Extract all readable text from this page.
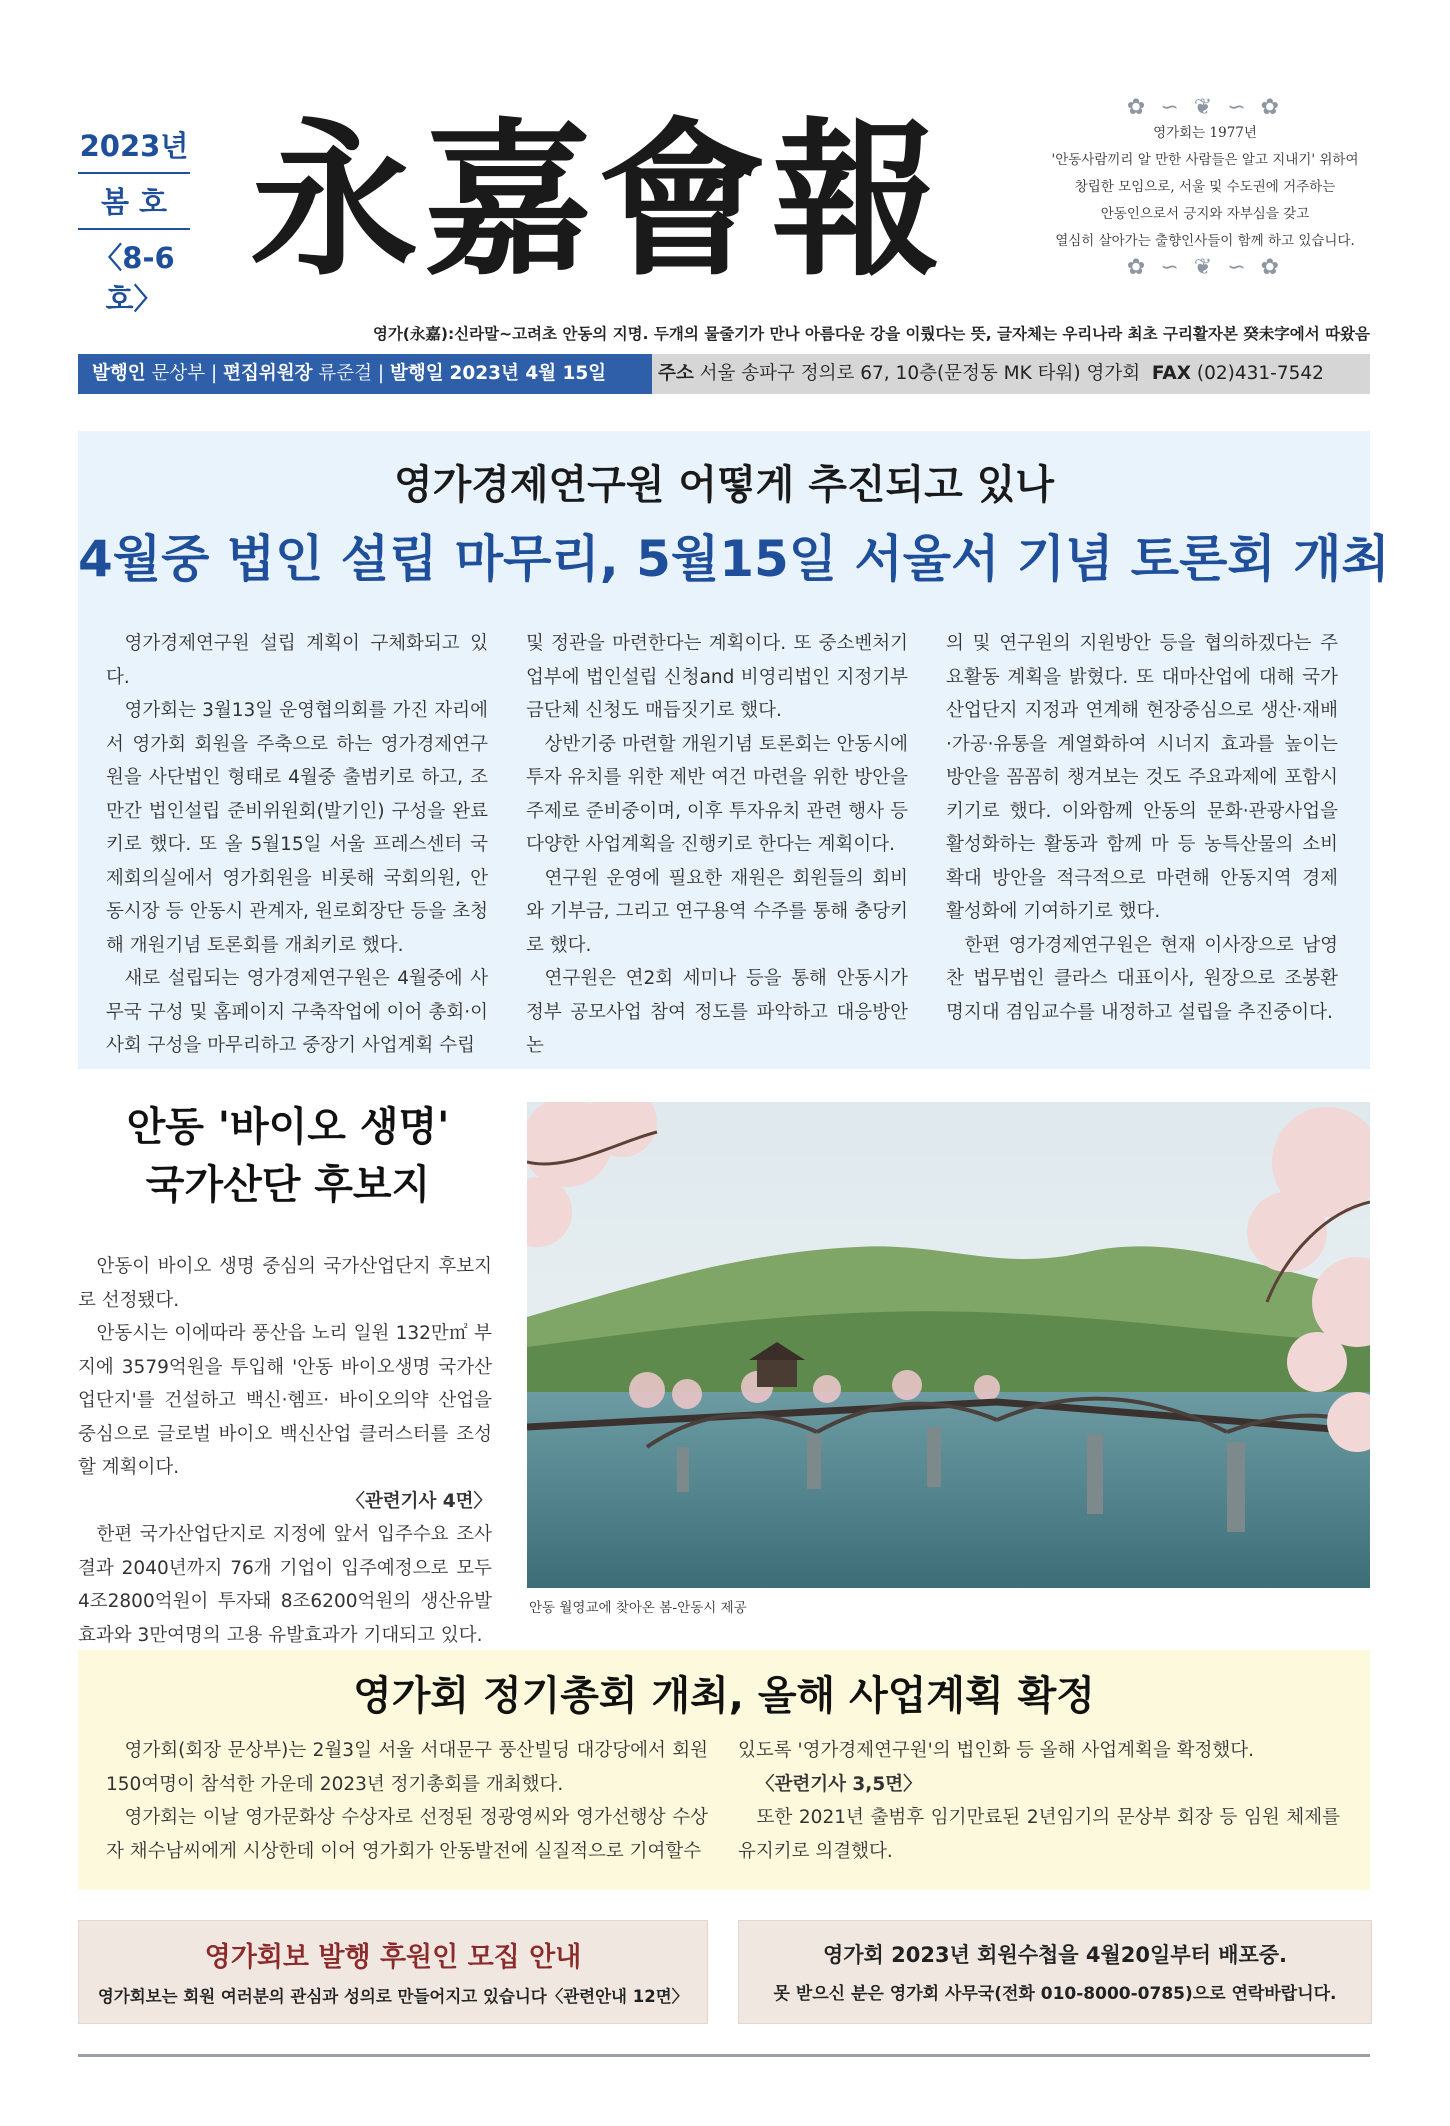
2023년
봄 호
〈8-6호〉 永嘉會報	✿ ∽ ❦ ∽ ✿
영가회는 1977년
'안동사람끼리 알 만한 사람들은 알고 지내기' 위하여
창립한 모임으로, 서울 및 수도권에 거주하는
안동인으로서 긍지와 자부심을 갖고
열심히 살아가는 출향인사들이 함께 하고 있습니다.
✿ ∽ ❦ ∽ ✿
영가(永嘉):신라말~고려초 안동의 지명. 두개의 물줄기가 만나 아름다운 강을 이뤘다는 뜻, 글자체는 우리나라 최초 구리활자본 癸未字에서 따왔음
발행인 문상부 | 편집위원장 류준걸 | 발행일 2023년 4월 15일	주소 서울 송파구 정의로 67, 10층(문정동 MK 타워) 영가회 FAX (02)431-7542
영가경제연구원 어떻게 추진되고 있나
4월중 법인 설립 마무리, 5월15일 서울서 기념 토론회 개최

영가경제연구원 설립 계획이 구체화되고 있다.

영가회는 3월13일 운영협의회를 가진 자리에서 영가회 회원을 주축으로 하는 영가경제연구원을 사단법인 형태로 4월중 출범키로 하고, 조만간 법인설립 준비위원회(발기인) 구성을 완료키로 했다. 또 올 5월15일 서울 프레스센터 국제회의실에서 영가회원을 비롯해 국회의원, 안동시장 등 안동시 관계자, 원로회장단 등을 초청해 개원기념 토론회를 개최키로 했다.

새로 설립되는 영가경제연구원은 4월중에 사무국 구성 및 홈페이지 구축작업에 이어 총회·이사회 구성을 마무리하고 중장기 사업계획 수립

및 정관을 마련한다는 계획이다. 또 중소벤처기업부에 법인설립 신청and 비영리법인 지정기부금단체 신청도 매듭짓기로 했다.

상반기중 마련할 개원기념 토론회는 안동시에 투자 유치를 위한 제반 여건 마련을 위한 방안을 주제로 준비중이며, 이후 투자유치 관련 행사 등 다양한 사업계획을 진행키로 한다는 계획이다.

연구원 운영에 필요한 재원은 회원들의 회비와 기부금, 그리고 연구용역 수주를 통해 충당키로 했다.

연구원은 연2회 세미나 등을 통해 안동시가 정부 공모사업 참여 정도를 파악하고 대응방안 논

의 및 연구원의 지원방안 등을 협의하겠다는 주요활동 계획을 밝혔다. 또 대마산업에 대해 국가산업단지 지정과 연계해 현장중심으로 생산·재배·가공·유통을 계열화하여 시너지 효과를 높이는 방안을 꼼꼼히 챙겨보는 것도 주요과제에 포함시키기로 했다. 이와함께 안동의 문화·관광사업을 활성화하는 활동과 함께 마 등 농특산물의 소비확대 방안을 적극적으로 마련해 안동지역 경제 활성화에 기여하기로 했다.

한편 영가경제연구원은 현재 이사장으로 남영찬 법무법인 클라스 대표이사, 원장으로 조봉환 명지대 겸임교수를 내정하고 설립을 추진중이다.

안동 '바이오 생명'
국가산단 후보지

안동이 바이오 생명 중심의 국가산업단지 후보지로 선정됐다.

안동시는 이에따라 풍산읍 노리 일원 132만㎡ 부지에 3579억원을 투입해 '안동 바이오생명 국가산업단지'를 건설하고 백신·헴프· 바이오의약 산업을 중심으로 글로벌 바이오 백신산업 클러스터를 조성할 계획이다.

〈관련기사 4면〉

한편 국가산업단지로 지정에 앞서 입주수요 조사결과 2040년까지 76개 기업이 입주예정으로 모두 4조2800억원이 투자돼 8조6200억원의 생산유발 효과와 3만여명의 고용 유발효과가 기대되고 있다.

안동 월영교에 찾아온 봄-안동시 제공
영가회 정기총회 개최, 올해 사업계획 확정

영가회(회장 문상부)는 2월3일 서울 서대문구 풍산빌딩 대강당에서 회원 150여명이 참석한 가운데 2023년 정기총회를 개최했다.

영가회는 이날 영가문화상 수상자로 선정된 정광영씨와 영가선행상 수상자 채수남씨에게 시상한데 이어 영가회가 안동발전에 실질적으로 기여할수

있도록 '영가경제연구원'의 법인화 등 올해 사업계획을 확정했다.

〈관련기사 3,5면〉

또한 2021년 출범후 임기만료된 2년임기의 문상부 회장 등 임원 체제를 유지키로 의결했다.

영가회보 발행 후원인 모집 안내
영가회보는 회원 여러분의 관심과 성의로 만들어지고 있습니다〈관련안내 12면〉
영가회 2023년 회원수첩을 4월20일부터 배포중.
못 받으신 분은 영가회 사무국(전화 010-8000-0785)으로 연락바랍니다.
